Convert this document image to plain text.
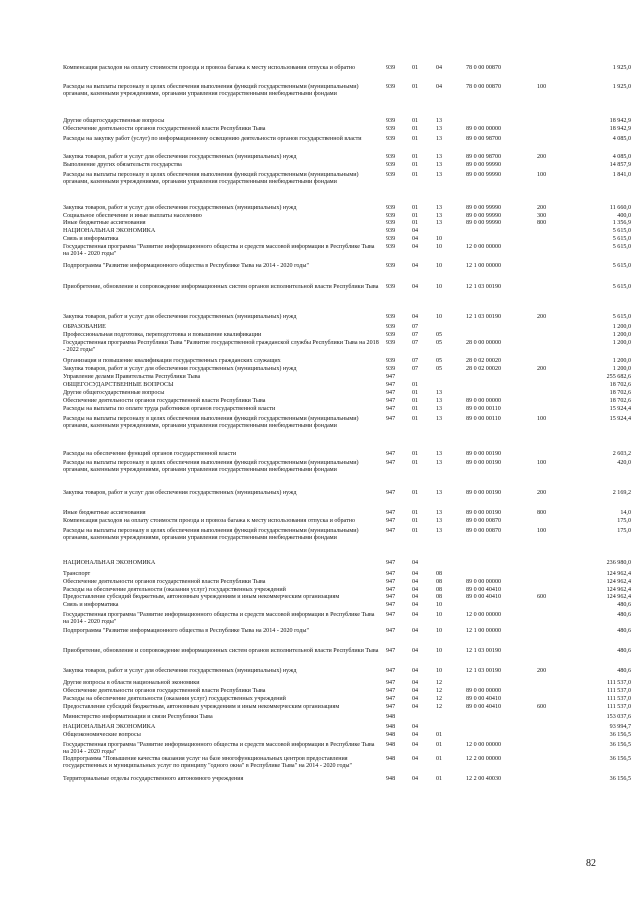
Компенсация расходов на оплату стоимости проезда и провоза багажа к месту использования отпуска и обратно	939	01	04	78 0 00 00870	1 925,0
Расходы на выплаты персоналу в целях обеспечения выполнения функций государственными (муниципальными) органами, казенными учреждениями, органами управления государственными внебюджетными фондами
939	01	04	78 0 00 00870	100	1 925,0
Другие общегосударственные вопросы	939	01	13	18 942,9
Обеспечение деятельности органов государственной власти Республики Тыва	939	01	13	89 0 00 00000	18 942,9
Расходы на закупку работ (услуг) по информационному освещению деятельности органов государственной власти	939	01	13	89 0 00 98700	4 085,0
Закупка товаров, работ и услуг для обеспечения государственных (муниципальных) нужд	939	01	13	89 0 00 98700	200	4 085,0
Выполнение других обязательств государства	939	01	13	89 0 00 99990	14 857,9
Расходы на выплаты персоналу в целях обеспечения выполнения функций государственными (муниципальными) органами, казенными учреждениями, органами управления государственными внебюджетными фондами
939	01	13	89 0 00 99990	100	1 841,0
Закупка товаров, работ и услуг для обеспечения государственных (муниципальных) нужд	939	01	13	89 0 00 99990	200	11 660,0
Социальное обеспечение и иные выплаты населению	939	01	13	89 0 00 99990	300	400,0
Иные бюджетные ассигнования	939	01	13	89 0 00 99990	800	1 356,9
НАЦИОНАЛЬНАЯ ЭКОНОМИКА	939	04	5 615,0
Связь и информатика	939	04	10	5 615,0
Государственная программа "Развитие информационного общества и средств массовой информации в Республике Тыва на 2014 - 2020 годы"
939	04	10	12 0 00 00000	5 615,0
Подпрограмма "Развитие информационного общества в Республике Тыва на 2014 - 2020 годы"	939	04	10	12 1 00 00000	5 615,0
Приобретение, обновление и сопровождение информационных систем органов исполнительной власти Республики Тыва	939	04	10	12 1 03 00190	5 615,0
Закупка товаров, работ и услуг для обеспечения государственных (муниципальных) нужд	939	04	10	12 1 03 00190	200	5 615,0
ОБРАЗОВАНИЕ	939	07	1 200,0
Профессиональная подготовка, переподготовка и повышение квалификации	939	07	05	1 200,0
Государственная программа Республики Тыва "Развитие государственной гражданской службы Республики Тыва на 2018 - 2022 годы"
939	07	05	28 0 00 00000	1 200,0
Организация и повышение квалификации государственных гражданских служащих	939	07	05	28 0 02 00020	1 200,0
Закупка товаров, работ и услуг для обеспечения государственных (муниципальных) нужд	939	07	05	28 0 02 00020	200	1 200,0
Управление делами Правительства Республики Тыва	947	255 682,6
ОБЩЕГОСУДАРСТВЕННЫЕ ВОПРОСЫ	947	01	18 702,6
Другие общегосударственные вопросы	947	01	13	18 702,6
Обеспечение деятельности органов государственной власти Республики Тыва	947	01	13	89 0 00 00000	18 702,6
Расходы на выплаты по оплате труда работников органов государственной власти	947	01	13	89 0 00 00110	15 924,4
Расходы на выплаты персоналу в целях обеспечения выполнения функций государственными (муниципальными) органами, казенными учреждениями, органами управления государственными внебюджетными фондами
947	01	13	89 0 00 00110	100	15 924,4
Расходы на обеспечение функций органов государственной власти	947	01	13	89 0 00 00190	2 603,2
Расходы на выплаты персоналу в целях обеспечения выполнения функций государственными (муниципальными) органами, казенными учреждениями, органами управления государственными внебюджетными фондами
947	01	13	89 0 00 00190	100	420,0
Закупка товаров, работ и услуг для обеспечения государственных (муниципальных) нужд	947	01	13	89 0 00 00190	200	2 169,2
Иные бюджетные ассигнования	947	01	13	89 0 00 00190	800	14,0
Компенсация расходов на оплату стоимости проезда и провоза багажа к месту использования отпуска и обратно	947	01	13	89 0 00 00870	175,0
Расходы на выплаты персоналу в целях обеспечения выполнения функций государственными (муниципальными) органами, казенными учреждениями, органами управления государственными внебюджетными фондами
947	01	13	89 0 00 00870	100	175,0
НАЦИОНАЛЬНАЯ ЭКОНОМИКА	947	04	236 980,0
Транспорт	947	04	08	124 962,4
Обеспечение деятельности органов государственной власти Республики Тыва	947	04	08	89 0 00 00000	124 962,4
Расходы на обеспечение деятельности (оказания услуг) государственных учреждений	947	04	08	89 0 00 40410	124 962,4
Предоставление субсидий бюджетным, автономным учреждениям и иным некоммерческим организациям	947	04	08	89 0 00 40410	600	124 962,4
Связь и информатика	947	04	10	480,6
Государственная программа "Развитие информационного общества и средств массовой информации в Республике Тыва на 2014 - 2020 годы"
947	04	10	12 0 00 00000	480,6
Подпрограмма "Развитие информационного общества в Республике Тыва на 2014 - 2020 годы"	947	04	10	12 1 00 00000	480,6
Приобретение, обновление и сопровождение информационных систем органов исполнительной власти Республики Тыва	947	04	10	12 1 03 00190	480,6
Закупка товаров, работ и услуг для обеспечения государственных (муниципальных) нужд	947	04	10	12 1 03 00190	200	480,6
Другие вопросы в области национальной экономики	947	04	12	111 537,0
Обеспечение деятельности органов государственной власти Республики Тыва	947	04	12	89 0 00 00000	111 537,0
Расходы на обеспечение деятельности (оказания услуг) государственных учреждений	947	04	12	89 0 00 40410	111 537,0
Предоставление субсидий бюджетным, автономным учреждениям и иным некоммерческим организациям	947	04	12	89 0 00 40410	600	111 537,0
Министерство информатизации и связи Республики Тыва	948	153 037,6
НАЦИОНАЛЬНАЯ ЭКОНОМИКА	948	04	93 994,7
Общеэкономические вопросы	948	04	01	36 156,5
Государственная программа "Развитие информационного общества и средств массовой информации в Республике Тыва на 2014 - 2020 годы"
948	04	01	12 0 00 00000	36 156,5
Подпрограмма "Повышение качества оказания услуг на базе многофункциональных центров предоставления государственных и муниципальных услуг по принципу "одного окна" в Республике Тыва" на 2014 - 2020 годы"
948	04	01	12 2 00 00000	36 156,5
Территориальные отделы государственного автономного учреждения	948	04	01	12 2 00 40030	36 156,5
82
